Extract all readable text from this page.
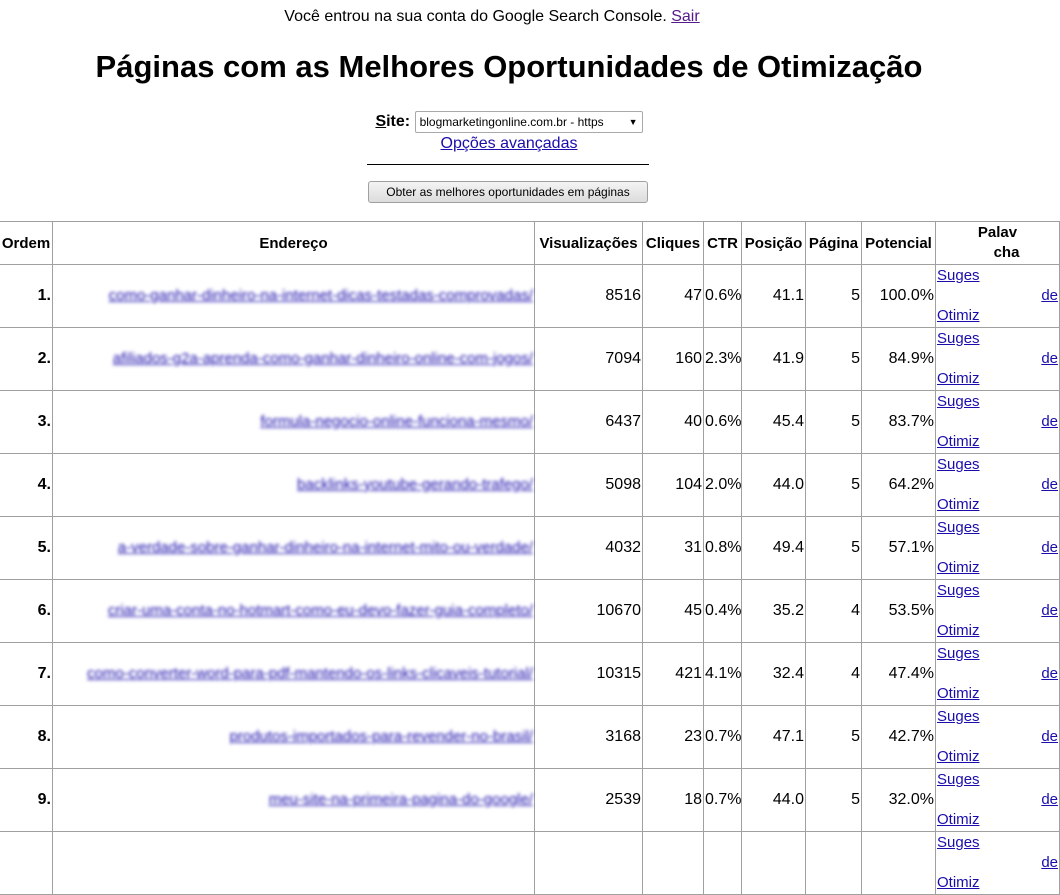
Você entrou na sua conta do Google Search Console. Sair
Páginas com as Melhores Oportunidades de Otimização
Site: blogmarketingonline.com.br - https	▼
Opções avançadas
Obter as melhores oportunidades em páginas
Ordem	Endereço	Visualizações	Cliques	CTR	Posição	Página	Potencial	Palav
cha

1.	como-ganhar-dinheiro-na-internet-dicas-testadas-comprovadas/	8516	47	0.6%	41.1	5	100.0%	Suges
de
Otimiz

2.	afiliados-g2a-aprenda-como-ganhar-dinheiro-online-com-jogos/	7094	160	2.3%	41.9	5	84.9%	Suges
de
Otimiz

3.	formula-negocio-online-funciona-mesmo/	6437	40	0.6%	45.4	5	83.7%	Suges
de
Otimiz

4.	backlinks-youtube-gerando-trafego/	5098	104	2.0%	44.0	5	64.2%	Suges
de
Otimiz

5.	a-verdade-sobre-ganhar-dinheiro-na-internet-mito-ou-verdade/	4032	31	0.8%	49.4	5	57.1%	Suges
de
Otimiz

6.	criar-uma-conta-no-hotmart-como-eu-devo-fazer-guia-completo/	10670	45	0.4%	35.2	4	53.5%	Suges
de
Otimiz

7.	como-converter-word-para-pdf-mantendo-os-links-clicaveis-tutorial/	10315	421	4.1%	32.4	4	47.4%	Suges
de
Otimiz

8.	produtos-importados-para-revender-no-brasil/	3168	23	0.7%	47.1	5	42.7%	Suges
de
Otimiz

9.	meu-site-na-primeira-pagina-do-google/	2539	18	0.7%	44.0	5	32.0%	Suges
de
Otimiz

								Suges
de
Otimiz
